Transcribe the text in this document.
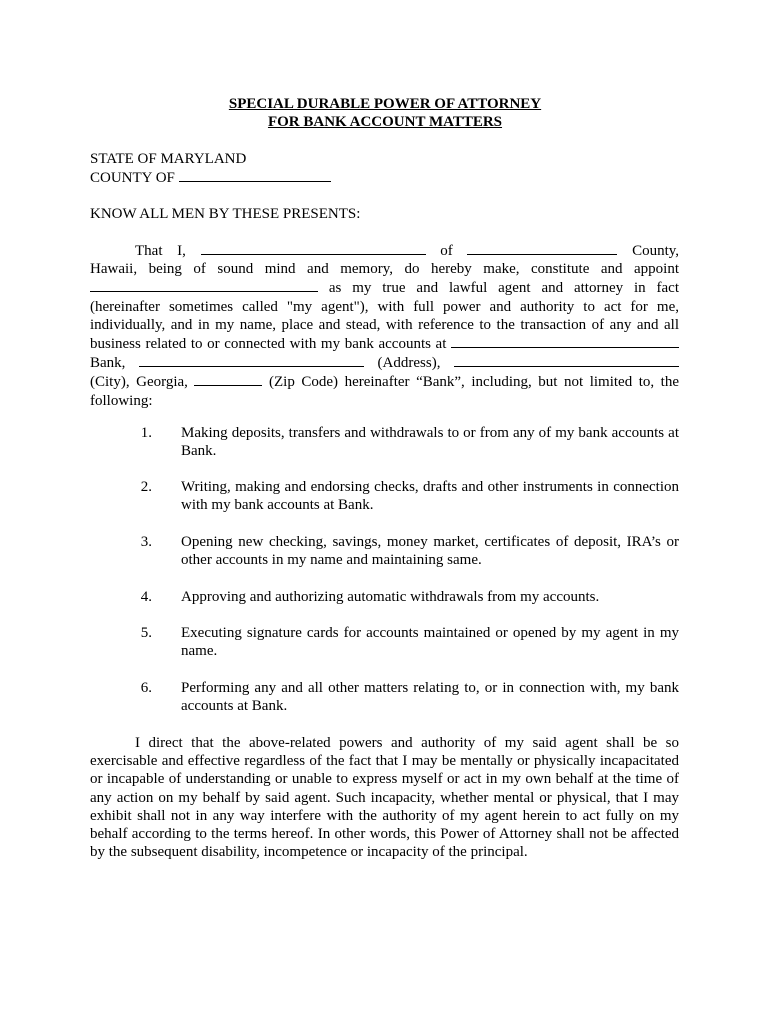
SPECIAL DURABLE POWER OF ATTORNEY
FOR BANK ACCOUNT MATTERS
STATE OF MARYLAND
COUNTY OF
KNOW ALL MEN BY THESE PRESENTS:
That I,	of	County,
Hawaii, being of sound mind and memory, do hereby make, constitute and appoint
as my true and lawful agent and attorney in fact
(hereinafter sometimes called "my agent"), with full power and authority to act for me,
individually, and in my name, place and stead, with reference to the transaction of any and all
business related to or connected with my bank accounts at
Bank,	(Address),
(City), Georgia,	(Zip Code) hereinafter “Bank”, including, but not limited to, the
following:
1. Making deposits, transfers and withdrawals to or from any of my bank accounts at Bank.
2. Writing, making and endorsing checks, drafts and other instruments in connection with my bank accounts at Bank.
3. Opening new checking, savings, money market, certificates of deposit, IRA’s or other accounts in my name and maintaining same.
4. Approving and authorizing automatic withdrawals from my accounts.
5. Executing signature cards for accounts maintained or opened by my agent in my name.
6. Performing any and all other matters relating to, or in connection with, my bank accounts at Bank.
I direct that the above-related powers and authority of my said agent shall be so exercisable and effective regardless of the fact that I may be mentally or physically incapacitated or incapable of understanding or unable to express myself or act in my own behalf at the time of any action on my behalf by said agent. Such incapacity, whether mental or physical, that I may exhibit shall not in any way interfere with the authority of my agent herein to act fully on my behalf according to the terms hereof. In other words, this Power of Attorney shall not be affected by the subsequent disability, incompetence or incapacity of the principal.
